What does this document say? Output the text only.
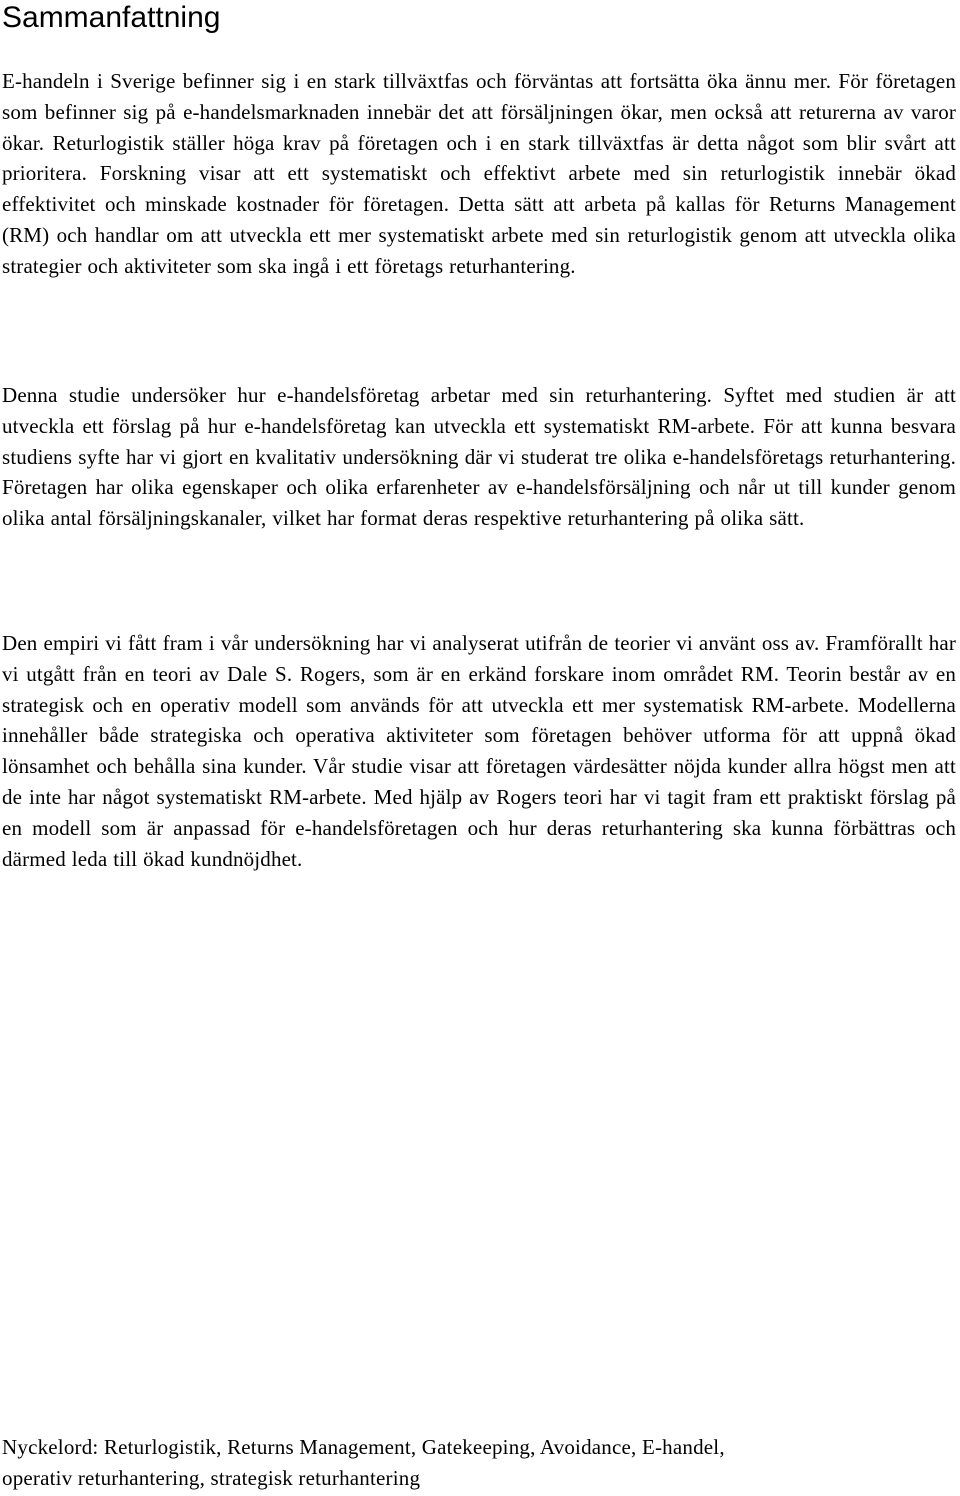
Sammanfattning

E-handeln i Sverige befinner sig i en stark tillväxtfas och förväntas att fortsätta öka ännu mer. För företagen som befinner sig på e-handelsmarknaden innebär det att försäljningen ökar, men också att returerna av varor ökar. Returlogistik ställer höga krav på företagen och i en stark tillväxtfas är detta något som blir svårt att prioritera. Forskning visar att ett systematiskt och effektivt arbete med sin returlogistik innebär ökad effektivitet och minskade kostnader för företagen. Detta sätt att arbeta på kallas för Returns Management (RM) och handlar om att utveckla ett mer systematiskt arbete med sin returlogistik genom att utveckla olika strategier och aktiviteter som ska ingå i ett företags returhantering.

Denna studie undersöker hur e-handelsföretag arbetar med sin returhantering. Syftet med studien är att utveckla ett förslag på hur e-handelsföretag kan utveckla ett systematiskt RM-arbete. För att kunna besvara studiens syfte har vi gjort en kvalitativ undersökning där vi studerat tre olika e-handelsföretags returhantering. Företagen har olika egenskaper och olika erfarenheter av e-handelsförsäljning och når ut till kunder genom olika antal försäljningskanaler, vilket har format deras respektive returhantering på olika sätt.

Den empiri vi fått fram i vår undersökning har vi analyserat utifrån de teorier vi använt oss av. Framförallt har vi utgått från en teori av Dale S. Rogers, som är en erkänd forskare inom området RM. Teorin består av en strategisk och en operativ modell som används för att utveckla ett mer systematisk RM-arbete. Modellerna innehåller både strategiska och operativa aktiviteter som företagen behöver utforma för att uppnå ökad lönsamhet och behålla sina kunder. Vår studie visar att företagen värdesätter nöjda kunder allra högst men att de inte har något systematiskt RM-arbete. Med hjälp av Rogers teori har vi tagit fram ett praktiskt förslag på en modell som är anpassad för e-handelsföretagen och hur deras returhantering ska kunna förbättras och därmed leda till ökad kundnöjdhet.

Nyckelord: Returlogistik, Returns Management, Gatekeeping, Avoidance, E-handel,
operativ returhantering, strategisk returhantering
